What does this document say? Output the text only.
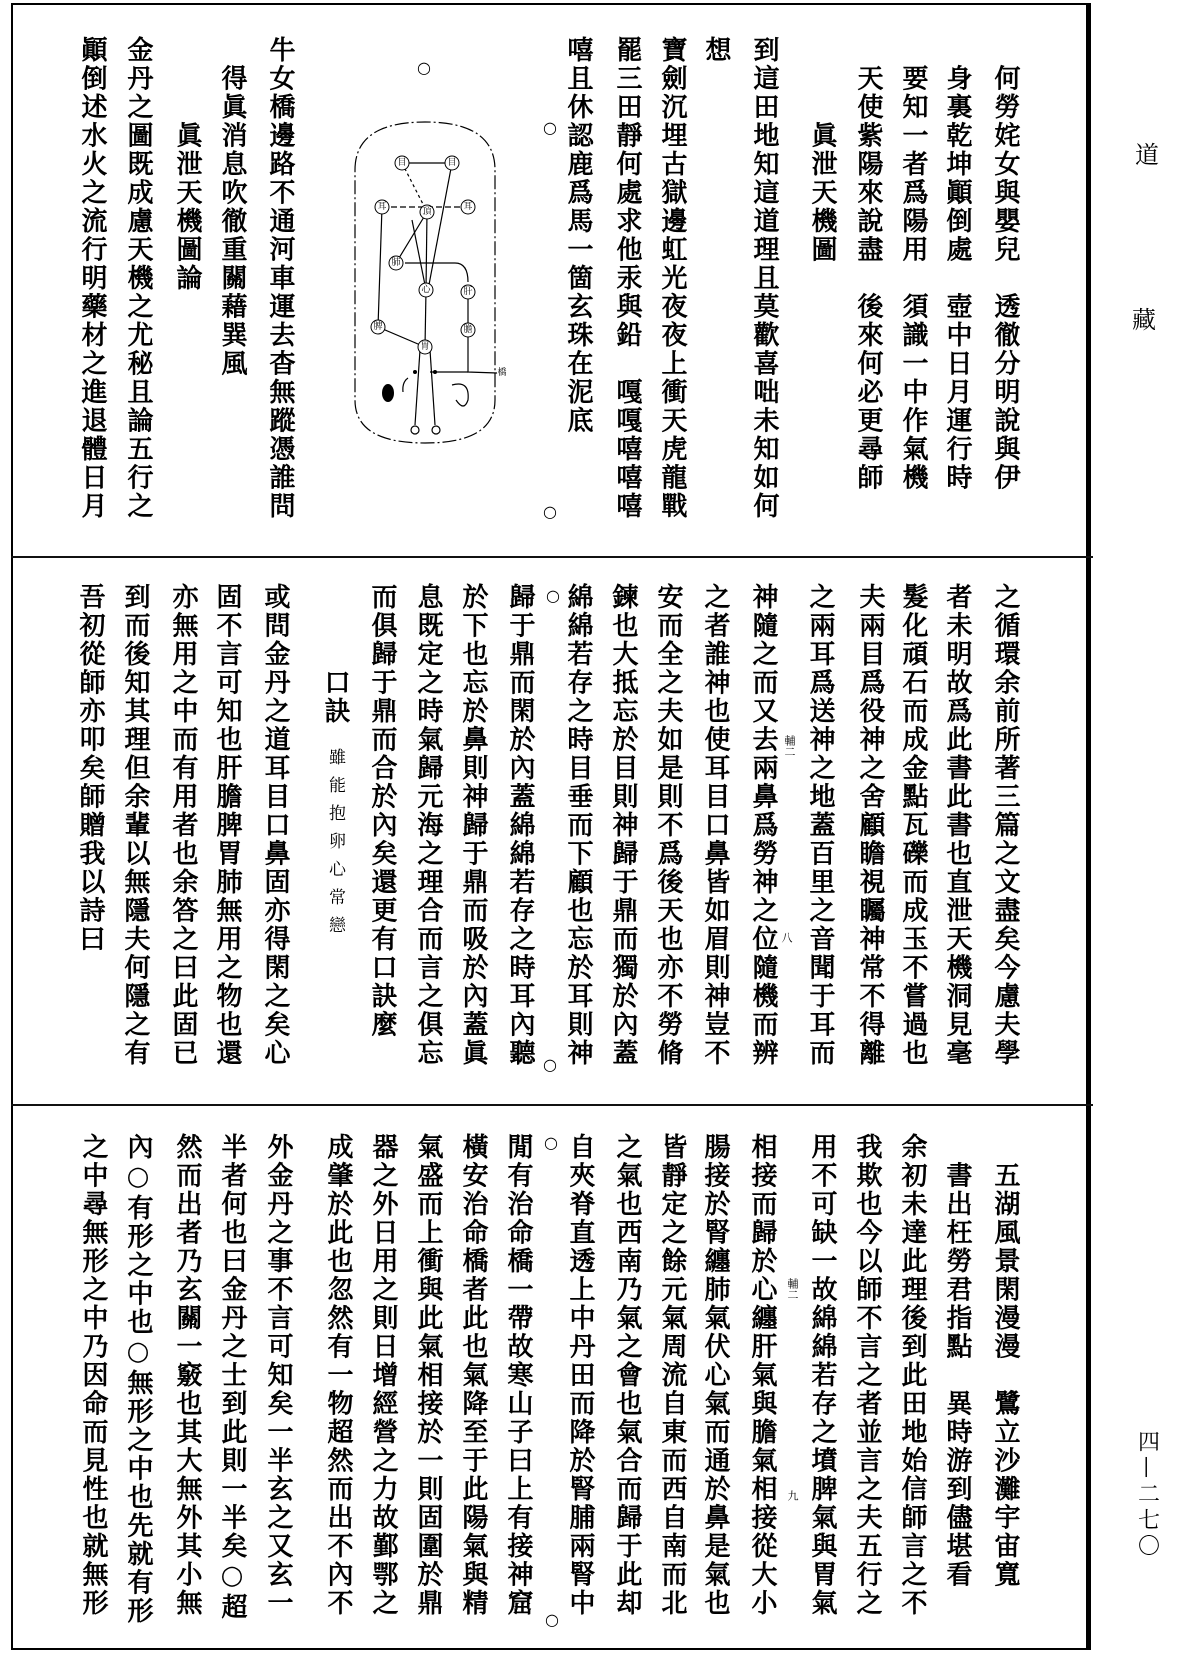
　何勞姹女與嬰兒　透徹分明說與伊
　身裏乾坤顚倒處　壺中日月運行時
　要知一者爲陽用　須識一中作氣機
　天使紫陽來說盡　後來何必更尋師
　　　眞泄天機圖
到這田地知這道理且莫歡喜咄未知如何
想
寶劍沉埋古獄邊虹光夜夜上衝天虎龍戰
罷三田靜何處求他汞與鉛　嘎嘎嘻嘻嘻
嘻且休認鹿爲馬一箇玄珠在泥底
牛女橋邊路不通河車運去杳無蹤憑誰問
　得眞消息吹徹重關藉巽風
　　　眞泄天機圖論
金丹之圖既成慮天機之尤秘且論五行之
顚倒述水火之流行明藥材之進退體日月
之循環余前所著三篇之文盡矣今慮夫學
者未明故爲此書此書也直泄天機洞見毫
髮化頑石而成金點瓦礫而成玉不嘗過也
夫兩目爲役神之舍顧瞻視矚神常不得離
之兩耳爲送神之地蓋百里之音聞于耳而
神隨之而又去兩鼻爲勞神之位隨機而辨
之者誰神也使耳目口鼻皆如眉則神豈不
安而全之夫如是則不爲後天也亦不勞脩
鍊也大抵忘於目則神歸于鼎而獨於內蓋
綿綿若存之時目垂而下顧也忘於耳則神
歸于鼎而閑於內蓋綿綿若存之時耳內聽
於下也忘於鼻則神歸于鼎而吸於內蓋眞
息既定之時氣歸元海之理合而言之俱忘
而俱歸于鼎而合於內矣還更有口訣麼
　　　口訣雖能抱卵心常戀
或問金丹之道耳目口鼻固亦得閑之矣心
固不言可知也肝膽脾胃肺無用之物也還
亦無用之中而有用者也余答之曰此固已
到而後知其理但余輩以無隱夫何隱之有
吾初從師亦叩矣師贈我以詩曰
　五湖風景閑漫漫　鷺立沙灘宇宙寬
　書出枉勞君指點　異時游到儘堪看
余初未達此理後到此田地始信師言之不
我欺也今以師不言之者並言之夫五行之
用不可缺一故綿綿若存之墳脾氣與胃氣
相接而歸於心纏肝氣與膽氣相接從大小
腸接於腎纏肺氣伏心氣而通於鼻是氣也
皆靜定之餘元氣周流自東而西自南而北
之氣也西南乃氣之會也氣合而歸于此却
自夾脊直透上中丹田而降於腎脯兩腎中
閒有治命橋一帶故寒山子曰上有接神窟
橫安治命橋者此也氣降至于此陽氣與精
氣盛而上衝與此氣相接於一則固圍於鼎
器之外日用之則日增經營之力故鄞鄂之
成肇於此也忽然有一物超然而出不內不
外金丹之事不言可知矣一半玄之又玄一
半者何也曰金丹之士到此則一半矣○超
然而出者乃玄關一竅也其大無外其小無
內○有形之中也○無形之中也先就有形
之中尋無形之中乃因命而見性也就無形
○
○
○
○
○
○
○
輔二
八
輔二
九
道
藏
四—二七〇
目	目
耳	頂	耳
肺
心	肝
膽
脾
胃
橋
